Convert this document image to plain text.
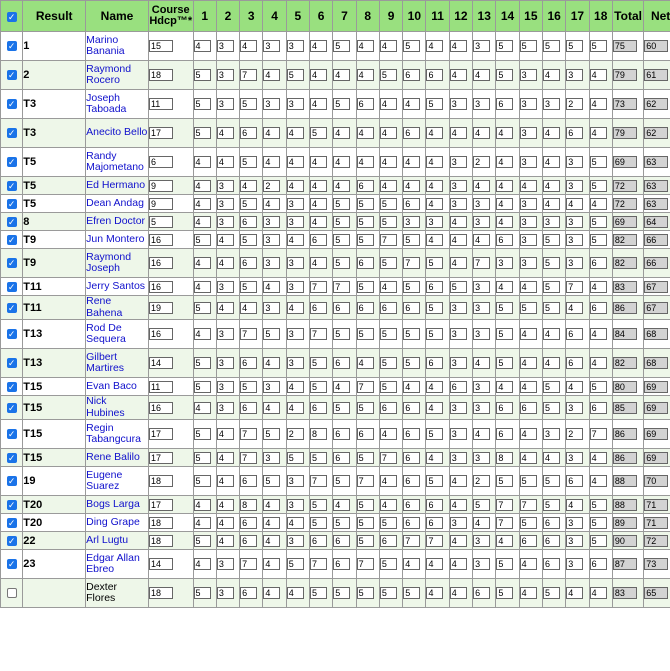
✓	Result	Name	Course
Hdcp™*	1	2	3	4	5	6	7	8	9	10	11	12	13	14	15	16	17	18	Total	Net
✓	1	Marino Banania	15	4	3	4	3	3	4	5	4	4	5	4	4	3	5	5	5	5	5	75	60
✓	2	Raymond Rocero	18	5	3	7	4	5	4	4	4	5	6	6	4	4	5	3	4	3	4	79	61
✓	T3	Joseph Taboada	11	5	3	5	3	3	4	5	6	4	4	5	3	3	6	3	3	2	4	73	62
✓	T3	Anecito Bello	17	5	4	6	4	4	5	4	4	4	6	4	4	4	4	3	4	6	4	79	62
✓	T5	Randy Majometano	6	4	4	5	4	4	4	4	4	4	4	4	3	2	4	3	4	3	5	69	63
✓	T5	Ed Hermano	9	4	3	4	2	4	4	4	6	4	4	4	3	4	4	4	4	3	5	72	63
✓	T5	Dean Andag	9	4	3	5	4	3	4	5	5	5	6	4	3	3	4	3	4	4	4	72	63
✓	8	Efren Doctor	5	4	3	6	3	3	4	5	5	5	3	3	4	3	4	3	3	3	5	69	64
✓	T9	Jun Montero	16	5	4	5	3	4	6	5	5	7	5	4	4	4	6	3	5	3	5	82	66
✓	T9	Raymond Joseph	16	4	4	6	3	3	4	5	6	5	7	5	4	7	3	3	5	3	6	82	66
✓	T11	Jerry Santos	16	4	3	5	4	3	7	7	5	4	5	6	5	3	4	4	5	7	4	83	67
✓	T11	Rene Bahena	19	5	4	4	3	4	6	6	6	6	6	5	3	3	5	5	5	4	6	86	67
✓	T13	Rod De Sequera	16	4	3	7	5	3	7	5	5	5	5	5	3	3	5	4	4	6	4	84	68
✓	T13	Gilbert Martires	14	5	3	6	4	3	5	6	4	5	5	6	3	4	5	4	4	6	4	82	68
✓	T15	Evan Baco	11	5	3	5	3	4	5	4	7	5	4	4	6	3	4	4	5	4	5	80	69
✓	T15	Nick Hubines	16	4	3	6	4	4	6	5	5	6	6	4	3	3	6	6	5	3	6	85	69
✓	T15	Regin Tabangcura	17	5	4	7	5	2	8	6	6	4	6	5	3	4	6	4	3	2	7	86	69
✓	T15	Rene Balilo	17	5	4	7	3	5	5	6	5	7	6	4	3	3	8	4	4	3	4	86	69
✓	19	Eugene Suarez	18	5	4	6	5	3	7	5	7	4	6	5	4	2	5	5	5	6	4	88	70
✓	T20	Bogs Larga	17	4	4	8	4	3	5	4	5	4	6	6	4	5	7	7	5	4	5	88	71
✓	T20	Ding Grape	18	4	4	6	4	4	5	5	5	5	6	6	3	4	7	5	6	3	5	89	71
✓	22	Arl Lugtu	18	5	4	6	4	3	6	6	5	6	7	7	4	3	4	6	6	3	5	90	72
✓	23	Edgar Allan Ebreo	14	4	3	7	4	5	7	6	7	5	4	4	4	3	5	4	6	3	6	87	73
		Dexter Flores	18	5	3	6	4	4	5	5	5	5	5	4	4	6	5	4	5	4	4	83	65
